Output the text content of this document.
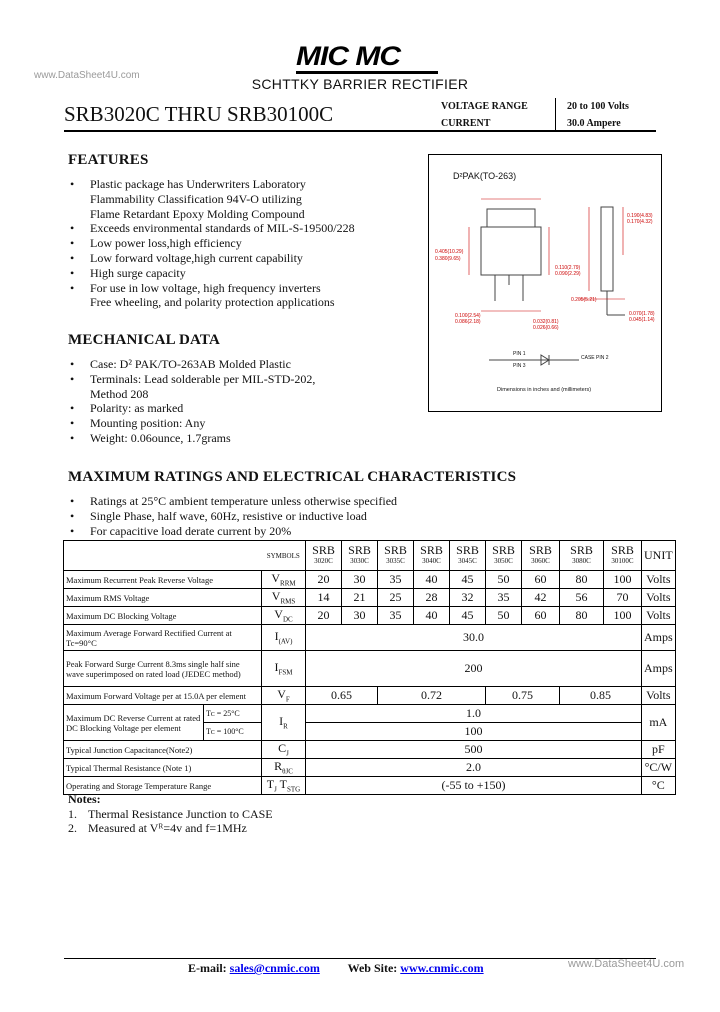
MIC MC
www.DataSheet4U.com
SCHTTKY BARRIER RECTIFIER
SRB3020C THRU SRB30100C	VOLTAGE RANGE	20 to 100 Volts
CURRENT	30.0 Ampere
FEATURES
• Plastic package has Underwriters Laboratory
Flammability Classification 94V-O utilizing
Flame Retardant Epoxy Molding Compound
• Exceeds environmental standards of MIL-S-19500/228
• Low power loss,high efficiency
• Low forward voltage,high current capability
• High surge capacity
• For use in low voltage, high frequency inverters
Free wheeling, and polarity protection applications
MECHANICAL DATA
• Case: D² PAK/TO-263AB Molded Plastic
• Terminals: Lead solderable per MIL-STD-202,
Method 208
• Polarity: as marked
• Mounting position: Any
• Weight: 0.06ounce, 1.7grams
D²PAK(TO-263)
0.405(10.29)
0.380(9.65)
0.110(2.79)
0.090(2.29)
0.100(2.54)
0.086(2.18)	0.032(0.81)
0.026(0.66)
0.190(4.83)
0.170(4.32)
0.205(5.21)
0.070(1.78)
0.045(1.14)
PIN 1
PIN 3
CASE PIN 2
Dimensions in inches and (millimeters)
MAXIMUM RATINGS AND ELECTRICAL CHARACTERISTICS
• Ratings at 25°C ambient temperature unless otherwise specified
• Single Phase, half wave, 60Hz, resistive or inductive load
• For capacitive load derate current by 20%
		SYMBOLS	SRB
3020C	SRB
3030C	SRB
3035C	SRB
3040C	SRB
3045C	SRB
3050C	SRB
3060C	SRB
3080C	SRB
30100C	UNIT
Maximum Recurrent Peak Reverse Voltage		$V_{RRM}$	20	30	35	40	45	50	60	80	100	Volts
Maximum RMS Voltage		$V_{RMS}$	14	21	25	28	32	35	42	56	70	Volts
Maximum DC Blocking Voltage		$V_{DC}$	20	30	35	40	45	50	60	80	100	Volts
Maximum Average Forward Rectified Current at Tc=90°C		$I_{(AV)}$	30.0									Amps
Peak Forward Surge Current 8.3ms single half sine wave superimposed on rated load (JEDEC method)		$I_{FSM}$	200									Amps
Maximum Forward Voltage per at 15.0A per element		$V_F$	0.65		0.72			0.75		0.85		Volts
Maximum DC Reverse Current at rated DC Blocking Voltage per element	Tᴄ = 25°C	$I_R$	1.0									mA
	Tᴄ = 100°C		100									
Typical Junction Capacitance(Note2)		$C_J$	500									pF
Typical Thermal Resistance (Note 1)		$R_{\theta JC}$	2.0									°C/W
Operating and Storage Temperature Range		$T_J$ $T_{STG}$	(-55 to +150)									°C
Notes:
1. Thermal Resistance Junction to CASE
2. Measured at Vᴿ=4v and f=1MHz
E-mail: sales@cnmic.com Web Site: www.cnmic.com	www.DataSheet4U.com
